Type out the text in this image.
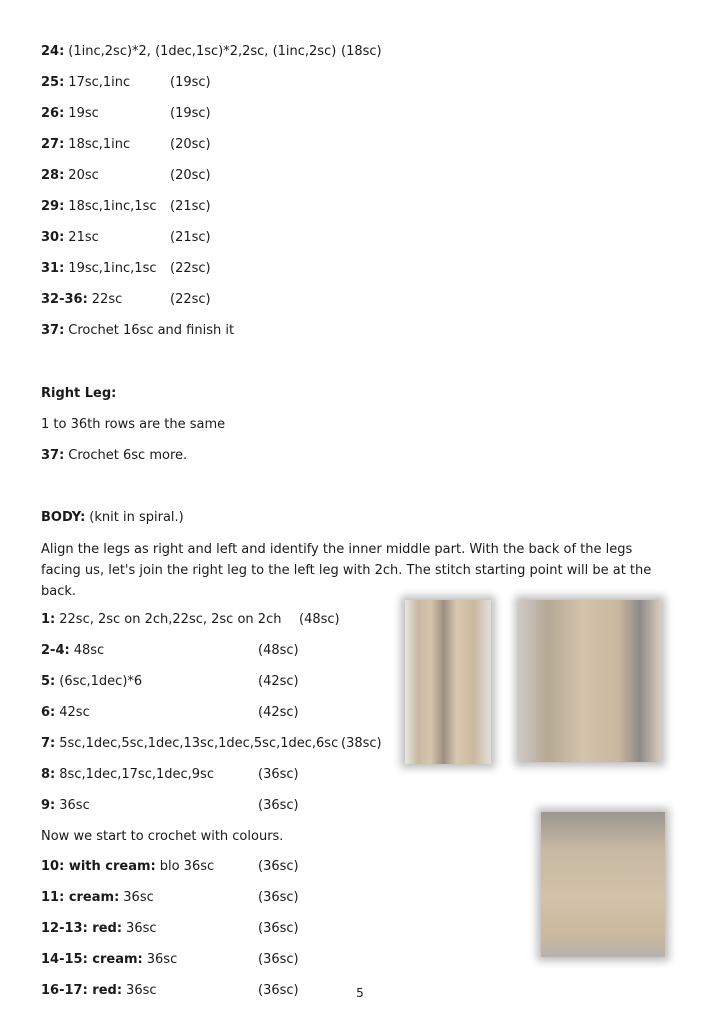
24: (1inc,2sc)*2, (1dec,1sc)*2,2sc, (1inc,2sc) (18sc)
25: 17sc,1inc	(19sc)
26: 19sc	(19sc)
27: 18sc,1inc	(20sc)
28: 20sc	(20sc)
29: 18sc,1inc,1sc	(21sc)
30: 21sc	(21sc)
31: 19sc,1inc,1sc	(22sc)
32-36: 22sc	(22sc)
37: Crochet 16sc and finish it
Right Leg:
1 to 36th rows are the same
37: Crochet 6sc more.
BODY: (knit in spiral.)
Align the legs as right and left and identify the inner middle part. With the back of the legs facing us, let's join the right leg to the left leg with 2ch. The stitch starting point will be at the back.
1: 22sc, 2sc on 2ch,22sc, 2sc on 2ch	(48sc)
2-4: 48sc	(48sc)
5: (6sc,1dec)*6	(42sc)
6: 42sc	(42sc)
7: 5sc,1dec,5sc,1dec,13sc,1dec,5sc,1dec,6sc (38sc)
8: 8sc,1dec,17sc,1dec,9sc	(36sc)
9: 36sc	(36sc)
Now we start to crochet with colours.
10: with cream: blo 36sc	(36sc)
11: cream: 36sc	(36sc)
12-13: red: 36sc	(36sc)
14-15: cream: 36sc	(36sc)
16-17: red: 36sc	(36sc)	5
